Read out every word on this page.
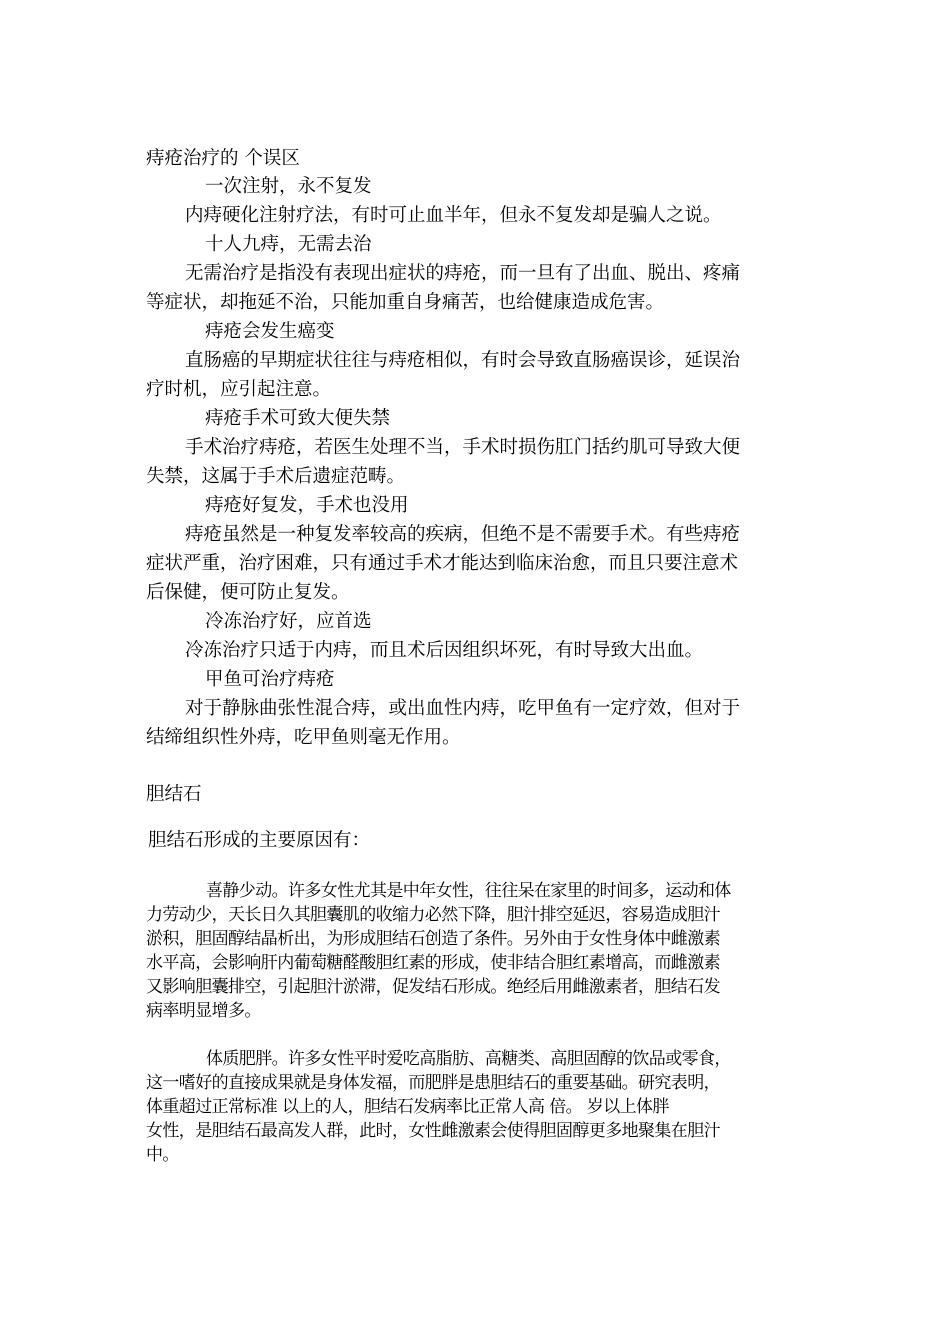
痔疮治疗的 个误区
一次注射，永不复发
内痔硬化注射疗法，有时可止血半年，但永不复发却是骗人之说。
十人九痔，无需去治
无需治疗是指没有表现出症状的痔疮，而一旦有了出血、脱出、疼痛
等症状，却拖延不治，只能加重自身痛苦，也给健康造成危害。
痔疮会发生癌变
直肠癌的早期症状往往与痔疮相似，有时会导致直肠癌误诊，延误治
疗时机，应引起注意。
痔疮手术可致大便失禁
手术治疗痔疮，若医生处理不当，手术时损伤肛门括约肌可导致大便
失禁，这属于手术后遗症范畴。
痔疮好复发，手术也没用
痔疮虽然是一种复发率较高的疾病，但绝不是不需要手术。有些痔疮
症状严重，治疗困难，只有通过手术才能达到临床治愈，而且只要注意术
后保健，便可防止复发。
冷冻治疗好，应首选
冷冻治疗只适于内痔，而且术后因组织坏死，有时导致大出血。
甲鱼可治疗痔疮
对于静脉曲张性混合痔，或出血性内痔，吃甲鱼有一定疗效，但对于
结缔组织性外痔，吃甲鱼则毫无作用。
胆结石
胆结石形成的主要原因有：
喜静少动。许多女性尤其是中年女性，往往呆在家里的时间多，运动和体
力劳动少，天长日久其胆囊肌的收缩力必然下降，胆汁排空延迟，容易造成胆汁
淤积，胆固醇结晶析出，为形成胆结石创造了条件。另外由于女性身体中雌激素
水平高，会影响肝内葡萄糖醛酸胆红素的形成，使非结合胆红素增高，而雌激素
又影响胆囊排空，引起胆汁淤滞，促发结石形成。绝经后用雌激素者，胆结石发
病率明显增多。
体质肥胖。许多女性平时爱吃高脂肪、高糖类、高胆固醇的饮品或零食，
这一嗜好的直接成果就是身体发福，而肥胖是患胆结石的重要基础。研究表明，
体重超过正常标准 以上的人，胆结石发病率比正常人高 倍。 岁以上体胖
女性，是胆结石最高发人群，此时，女性雌激素会使得胆固醇更多地聚集在胆汁
中。
